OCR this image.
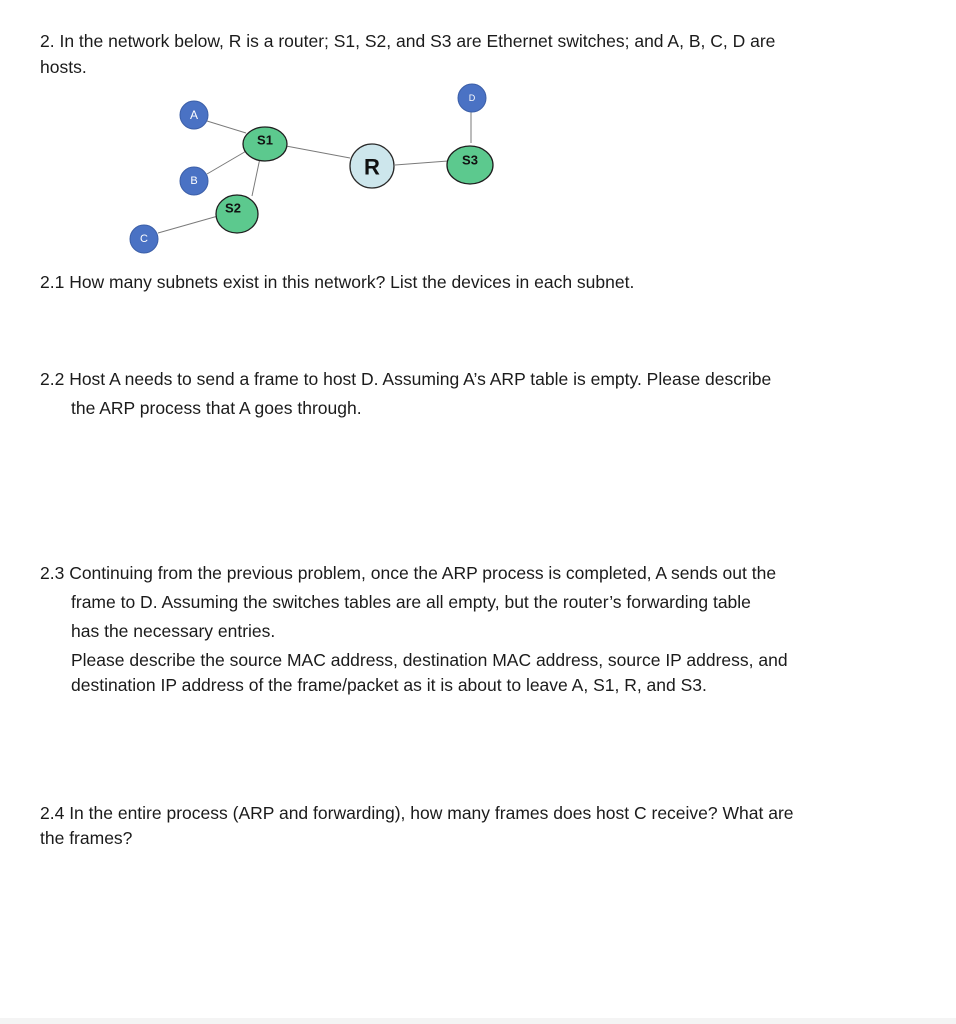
2. In the network below, R is a router; S1, S2, and S3 are Ethernet switches; and A, B, C, D are
hosts.
A
B
C
D
S1
S2
R	S3
2.1 How many subnets exist in this network? List the devices in each subnet.
2.2 Host A needs to send a frame to host D. Assuming A’s ARP table is empty. Please describe
the ARP process that A goes through.
2.3 Continuing from the previous problem, once the ARP process is completed, A sends out the
frame to D. Assuming the switches tables are all empty, but the router’s forwarding table
has the necessary entries.
Please describe the source MAC address, destination MAC address, source IP address, and
destination IP address of the frame/packet as it is about to leave A, S1, R, and S3.
2.4 In the entire process (ARP and forwarding), how many frames does host C receive? What are
the frames?
